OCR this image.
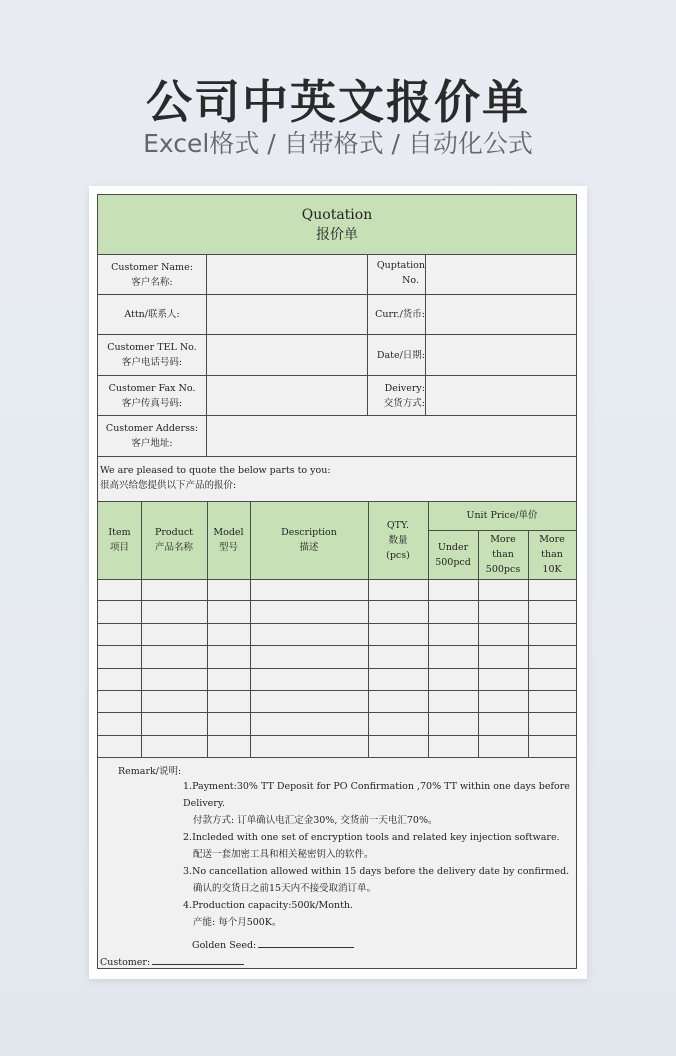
公司中英文报价单
Excel格式 / 自带格式 / 自动化公式
Quotation
报价单
Customer Name:
客户名称:
Attn/联系人:
Customer TEL No.
客户电话号码:
Customer Fax No.
客户传真号码:
Customer Adderss:
客户地址:
Quptation
No.
Curr./货币:
Date/日期:
Deivery:
交货方式:
We are pleased to quote the below parts to you:
很高兴给您提供以下产品的报价:
Item
项目
Product
产品名称
Model
型号
Description
描述
QTY.
数量
(pcs)
Unit Price/单价
Under
500pcd
More than
500pcs
More than
10K
Remark/说明:
1.Payment:30% TT Deposit for PO Confirmation ,70% TT within one days before Delivery.
付款方式: 订单确认电汇定金30%, 交货前一天电汇70%。
2.Incleded with one set of encryption tools and related key injection software.
配送一套加密工具和相关秘密钥入的软件。
3.No cancellation allowed within 15 days before the delivery date by confirmed.
确认的交货日之前15天内不接受取消订单。
4.Production capacity:500k/Month.
产能: 每个月500K。
Golden Seed:
Customer:
